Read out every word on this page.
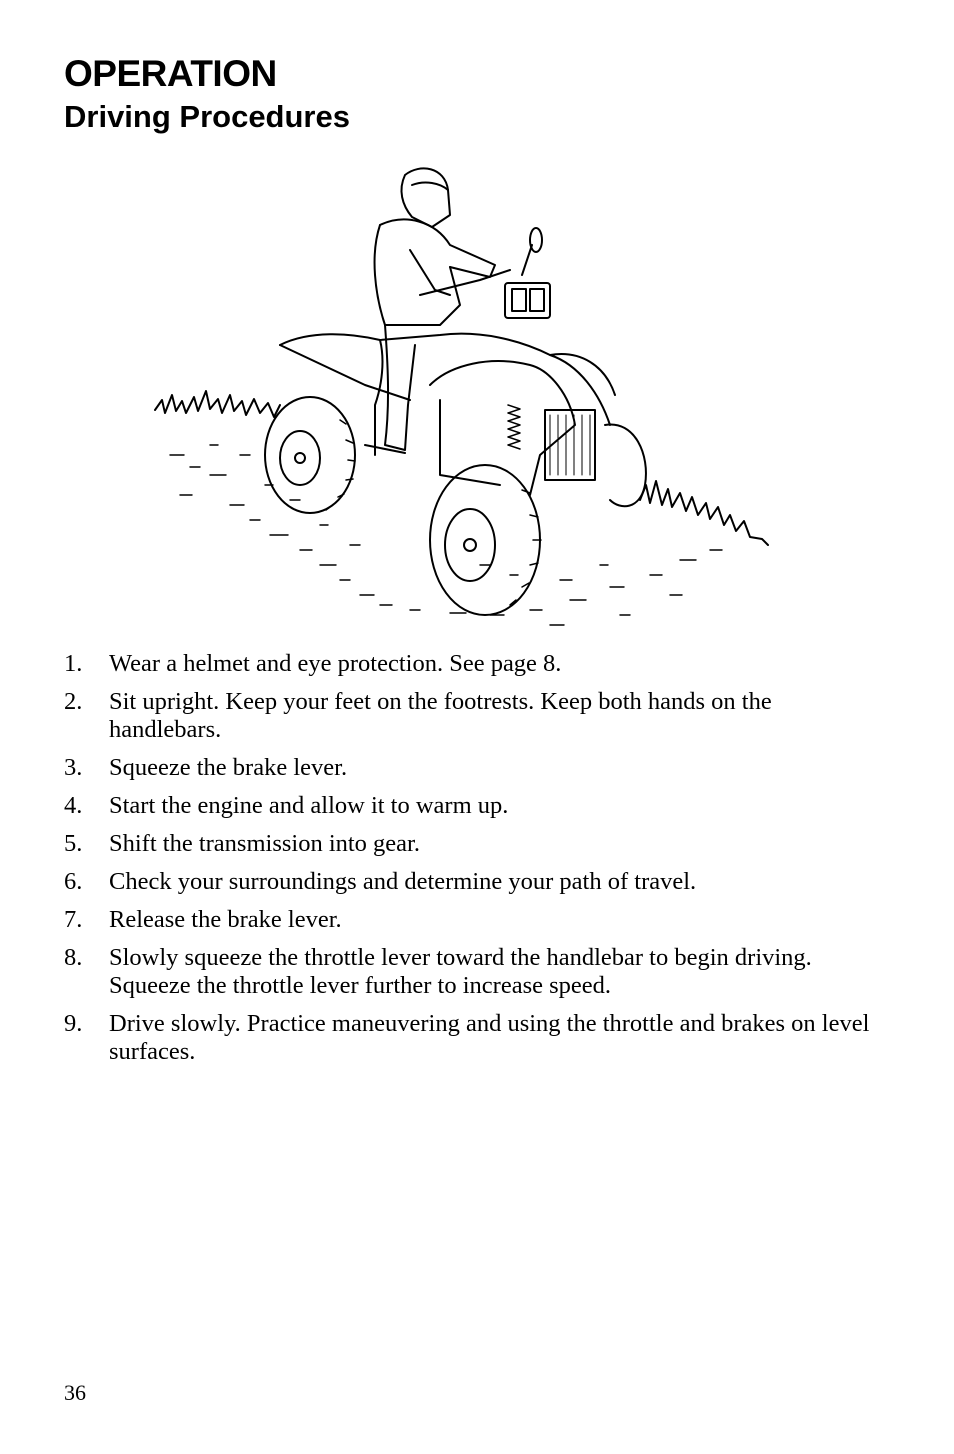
OPERATION
Driving Procedures
1. Wear a helmet and eye protection. See page 8.
2. Sit upright. Keep your feet on the footrests. Keep both hands on the handlebars.
3. Squeeze the brake lever.
4. Start the engine and allow it to warm up.
5. Shift the transmission into gear.
6. Check your surroundings and determine your path of travel.
7. Release the brake lever.
8. Slowly squeeze the throttle lever toward the handlebar to begin driving. Squeeze the throttle lever further to increase speed.
9. Drive slowly. Practice maneuvering and using the throttle and brakes on level surfaces.
36
